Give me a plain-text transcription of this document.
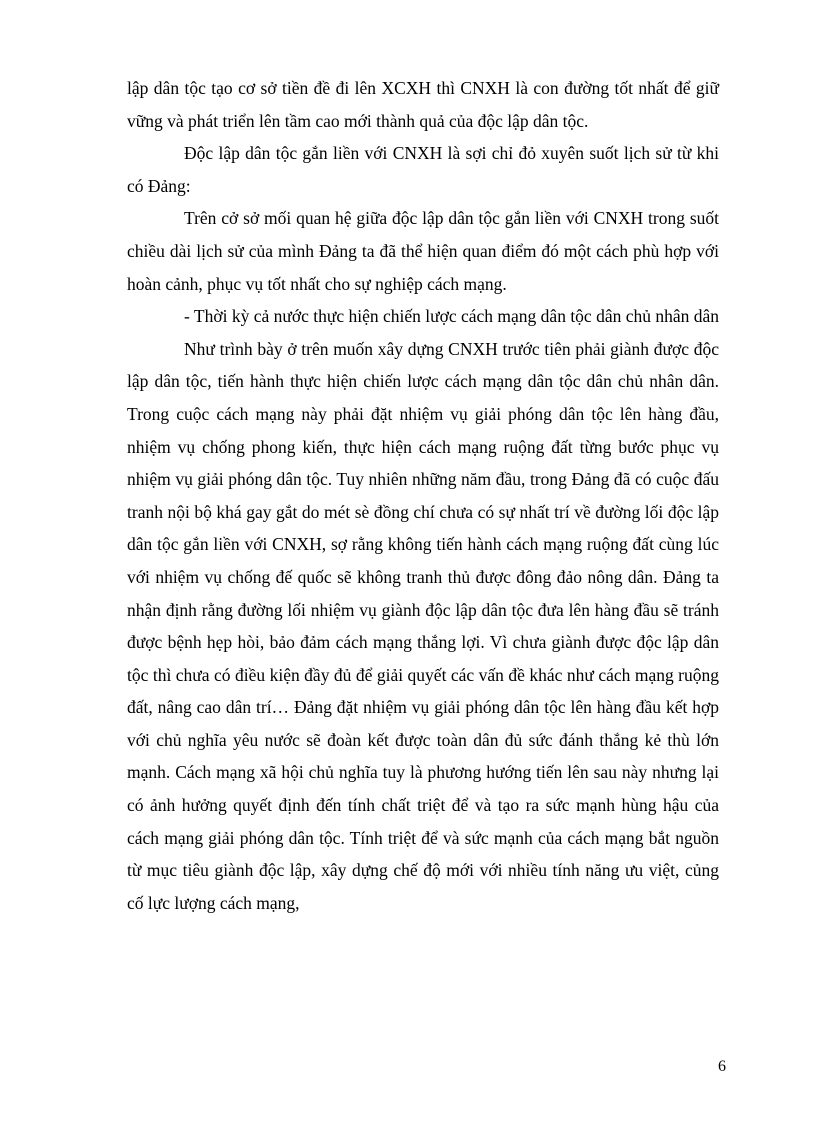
lập dân tộc tạo cơ sở tiền đề đi lên XCXH thì CNXH là con đường tốt nhất để giữ vững và phát triển lên tầm cao mới thành quả của độc lập dân tộc.

Độc lập dân tộc gắn liền với CNXH là sợi chỉ đỏ xuyên suốt lịch sử từ khi có Đảng:

Trên cở sở mối quan hệ giữa độc lập dân tộc gắn liền với CNXH trong suốt chiều dài lịch sử của mình Đảng ta đã thể hiện quan điểm đó một cách phù hợp với hoàn cảnh, phục vụ tốt nhất cho sự nghiệp cách mạng.

- Thời kỳ cả nước thực hiện chiến lược cách mạng dân tộc dân chủ nhân dân

Như trình bày ở trên muốn xây dựng CNXH trước tiên phải giành được độc lập dân tộc, tiến hành thực hiện chiến lược cách mạng dân tộc dân chủ nhân dân. Trong cuộc cách mạng này phải đặt nhiệm vụ giải phóng dân tộc lên hàng đầu, nhiệm vụ chống phong kiến, thực hiện cách mạng ruộng đất từng bước phục vụ nhiệm vụ giải phóng dân tộc. Tuy nhiên những năm đầu, trong Đảng đã có cuộc đấu tranh nội bộ khá gay gắt do mét sè đồng chí chưa có sự nhất trí về đường lối độc lập dân tộc gắn liền với CNXH, sợ rằng không tiến hành cách mạng ruộng đất cùng lúc với nhiệm vụ chống đế quốc sẽ không tranh thủ được đông đảo nông dân. Đảng ta nhận định rằng đường lối nhiệm vụ giành độc lập dân tộc đưa lên hàng đầu sẽ tránh được bệnh hẹp hòi, bảo đảm cách mạng thắng lợi. Vì chưa giành được độc lập dân tộc thì chưa có điều kiện đầy đủ để giải quyết các vấn đề khác như cách mạng ruộng đất, nâng cao dân trí… Đảng đặt nhiệm vụ giải phóng dân tộc lên hàng đầu kết hợp với chủ nghĩa yêu nước sẽ đoàn kết được toàn dân đủ sức đánh thắng kẻ thù lớn mạnh. Cách mạng xã hội chủ nghĩa tuy là phương hướng tiến lên sau này nhưng lại có ảnh hưởng quyết định đến tính chất triệt để và tạo ra sức mạnh hùng hậu của cách mạng giải phóng dân tộc. Tính triệt để và sức mạnh của cách mạng bắt nguồn từ mục tiêu giành độc lập, xây dựng chế độ mới với nhiều tính năng ưu việt, củng cố lực lượng cách mạng,

6
